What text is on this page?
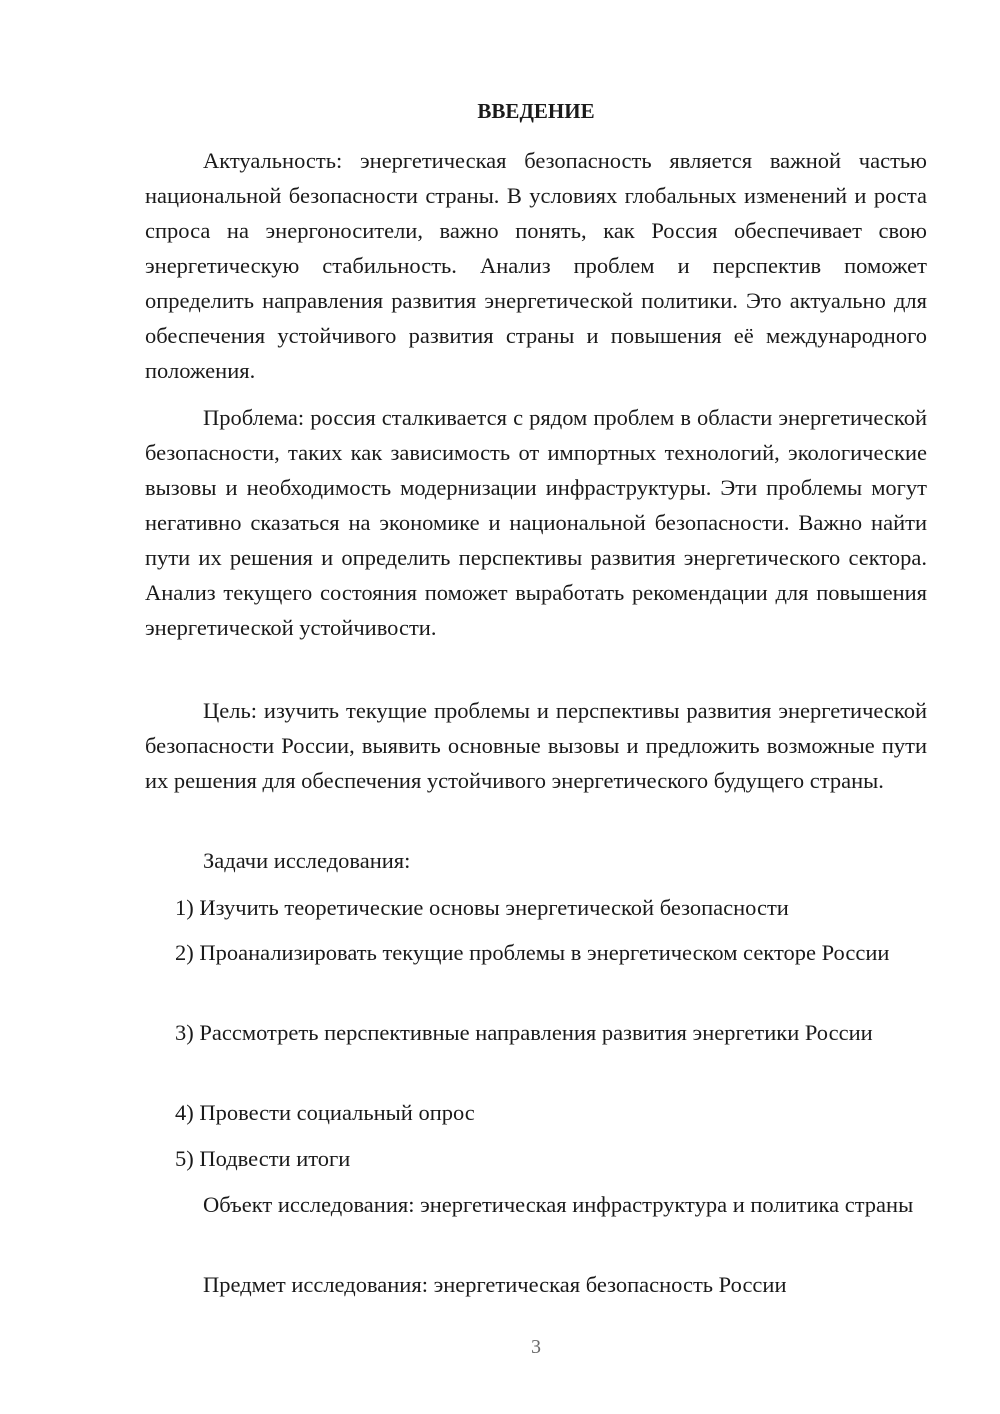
ВВЕДЕНИЕ

Актуальность: энергетическая безопасность является важной частью национальной безопасности страны. В условиях глобальных изменений и роста спроса на энергоносители, важно понять, как Россия обеспечивает свою энергетическую стабильность. Анализ проблем и перспектив поможет определить направления развития энергетической политики. Это актуально для обеспечения устойчивого развития страны и повышения её международного положения.

Проблема: россия сталкивается с рядом проблем в области энергетической безопасности, таких как зависимость от импортных технологий, экологические вызовы и необходимость модернизации инфраструктуры. Эти проблемы могут негативно сказаться на экономике и национальной безопасности. Важно найти пути их решения и определить перспективы развития энергетического сектора. Анализ текущего состояния поможет выработать рекомендации для повышения энергетической устойчивости.

Цель: изучить текущие проблемы и перспективы развития энергетической безопасности России, выявить основные вызовы и предложить возможные пути их решения для обеспечения устойчивого энергетического будущего страны.

Задачи исследования:

1) Изучить теоретические основы энергетической безопасности

2) Проанализировать текущие проблемы в энергетическом секторе России

3) Рассмотреть перспективные направления развития энергетики России

4) Провести социальный опрос

5) Подвести итоги

Объект исследования: энергетическая инфраструктура и политика страны

Предмет исследования: энергетическая безопасность России

3
